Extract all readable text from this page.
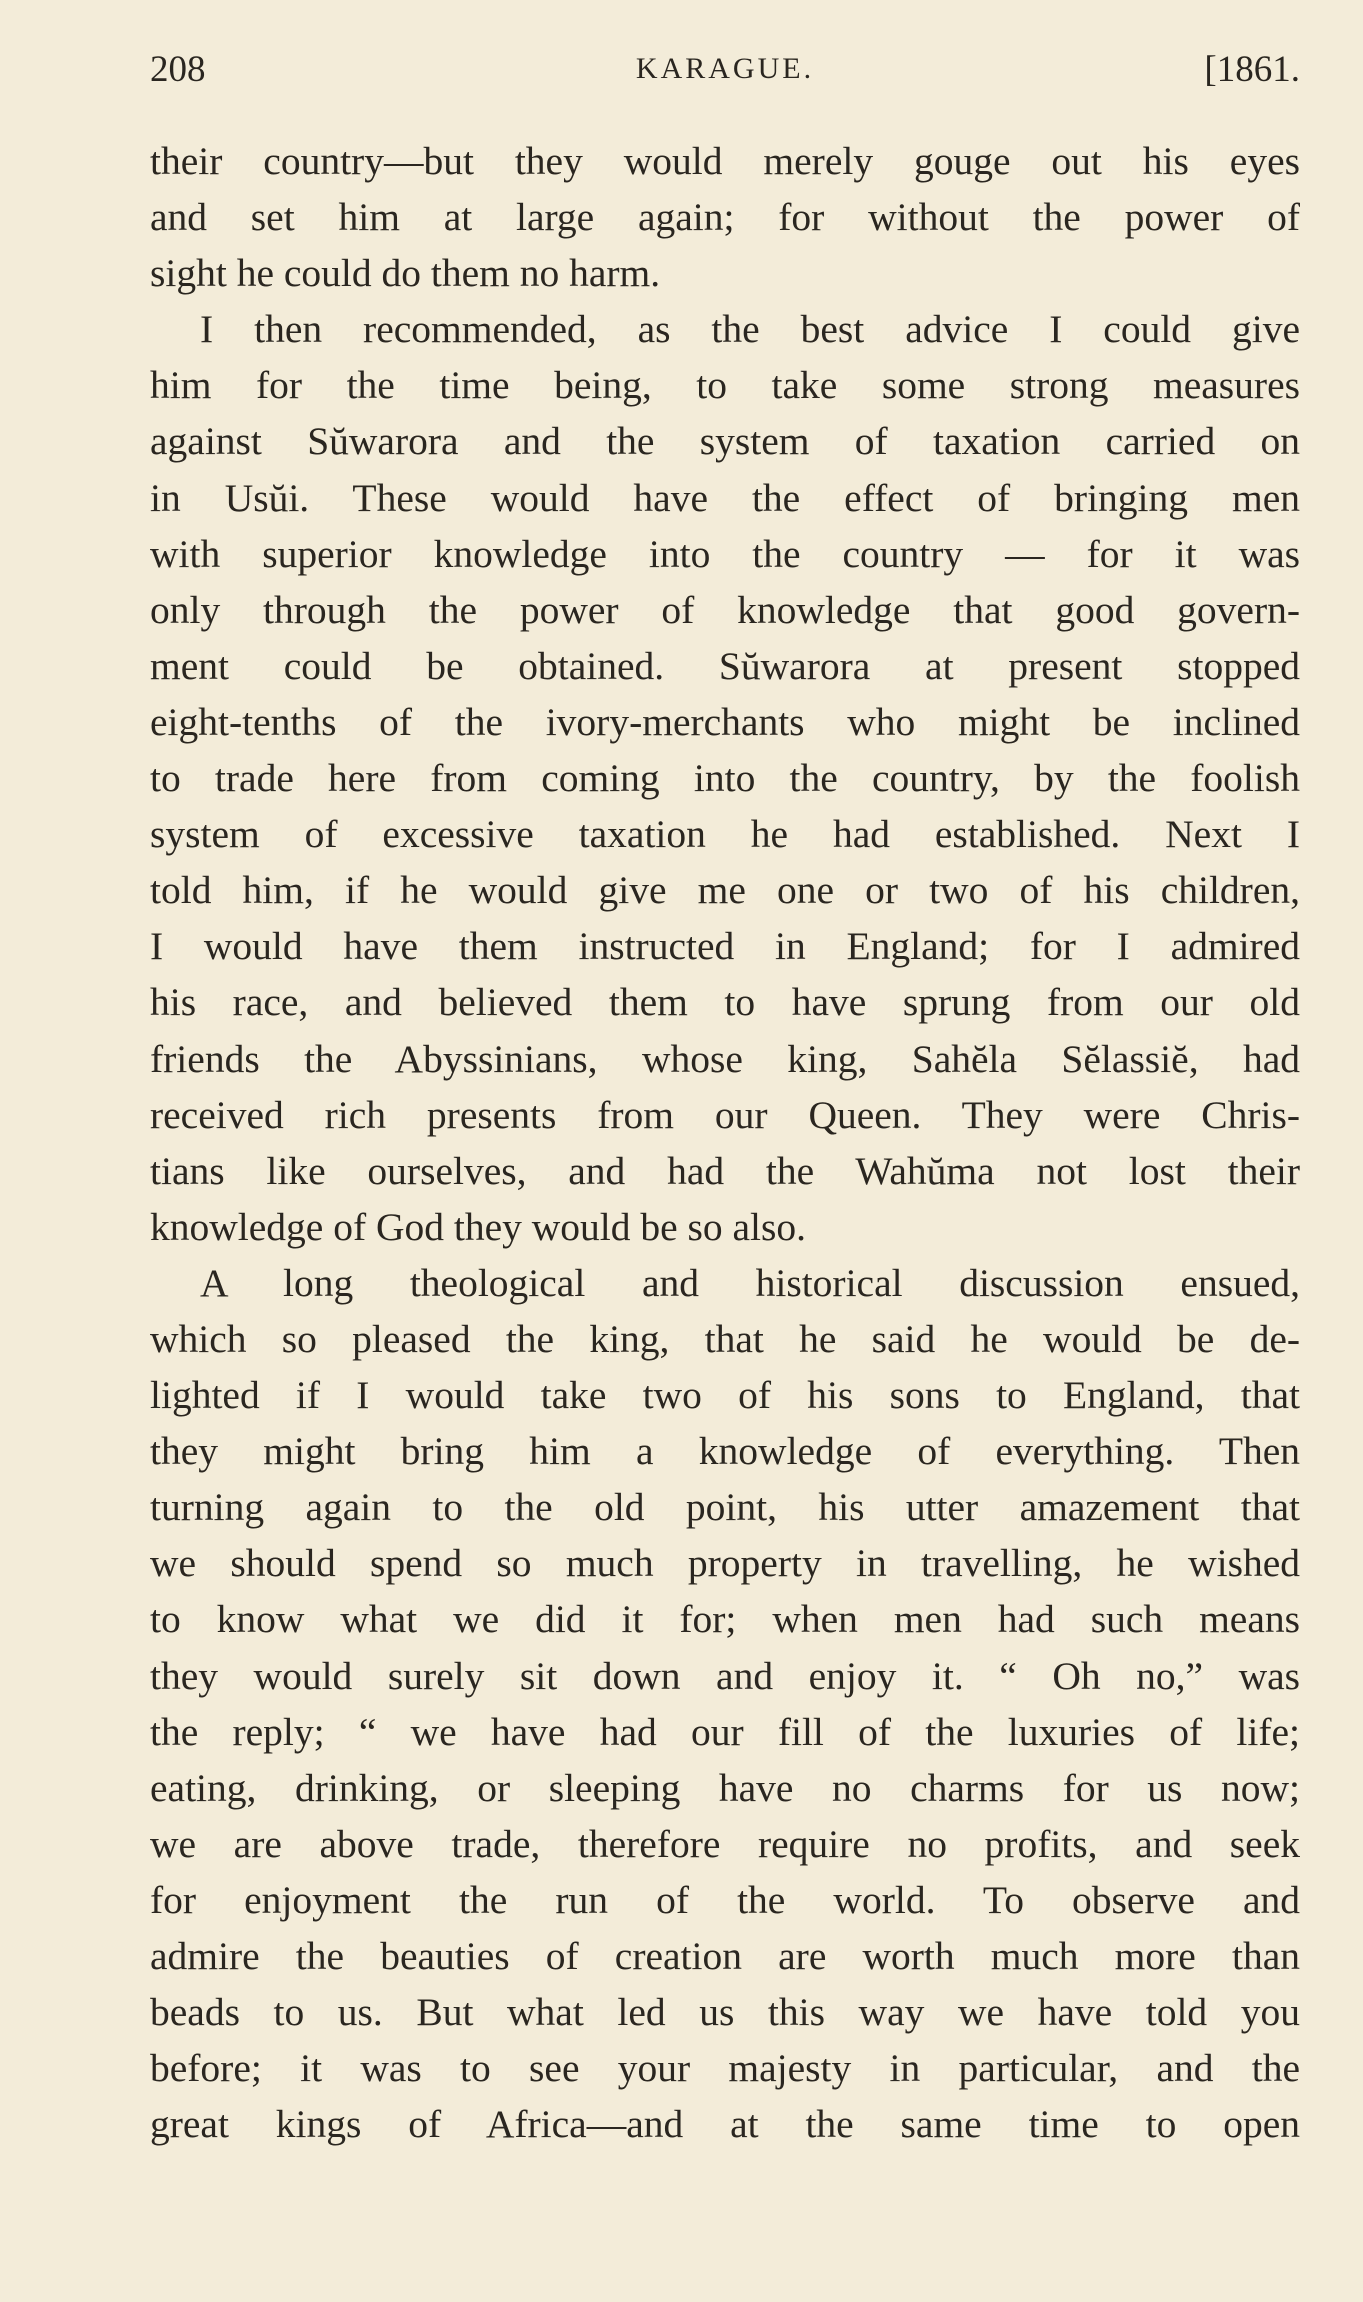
208	KARAGUE.	[1861.
their country—but they would merely gouge out his eyes
and set him at large again; for without the power of
sight he could do them no harm.
I then recommended, as the best advice I could give
him for the time being, to take some strong measures
against Sŭwarora and the system of taxation carried on
in Usŭi. These would have the effect of bringing men
with superior knowledge into the country — for it was
only through the power of knowledge that good govern-
ment could be obtained. Sŭwarora at present stopped
eight-tenths of the ivory-merchants who might be inclined
to trade here from coming into the country, by the foolish
system of excessive taxation he had established. Next I
told him, if he would give me one or two of his children,
I would have them instructed in England; for I admired
his race, and believed them to have sprung from our old
friends the Abyssinians, whose king, Sahĕla Sĕlassiĕ, had
received rich presents from our Queen. They were Chris-
tians like ourselves, and had the Wahŭma not lost their
knowledge of God they would be so also.
A long theological and historical discussion ensued,
which so pleased the king, that he said he would be de-
lighted if I would take two of his sons to England, that
they might bring him a knowledge of everything. Then
turning again to the old point, his utter amazement that
we should spend so much property in travelling, he wished
to know what we did it for; when men had such means
they would surely sit down and enjoy it. “ Oh no,” was
the reply; “ we have had our fill of the luxuries of life;
eating, drinking, or sleeping have no charms for us now;
we are above trade, therefore require no profits, and seek
for enjoyment the run of the world. To observe and
admire the beauties of creation are worth much more than
beads to us. But what led us this way we have told you
before; it was to see your majesty in particular, and the
great kings of Africa—and at the same time to open
